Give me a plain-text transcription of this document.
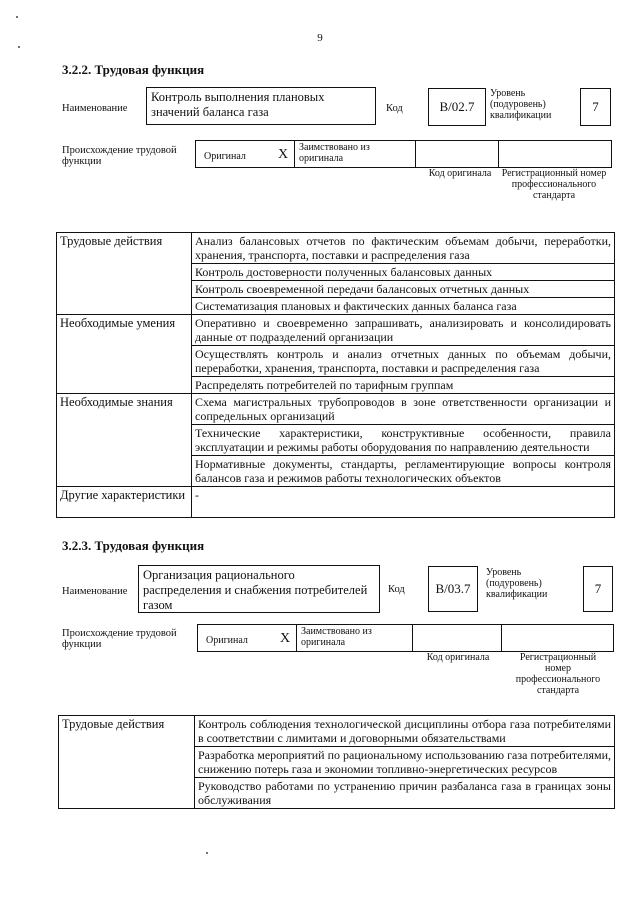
9
3.2.2. Трудовая функция
Наименование
Контроль выполнения плановых значений баланса газа	Код	B/02.7
Уровень (подуровень) квалификации
7
Происхождение трудовой функции	Оригинал X Заимствовано из оригинала
Код оригинала	Регистрационный номер профессионального стандарта
Трудовые действия	Анализ балансовых отчетов по фактическим объемам добычи, переработки, хранения, транспорта, поставки и распределения газа
	Контроль достоверности полученных балансовых данных
	Контроль своевременной передачи балансовых отчетных данных
	Систематизация плановых и фактических данных баланса газа
Необходимые умения	Оперативно и своевременно запрашивать, анализировать и консолидировать данные от подразделений организации
	Осуществлять контроль и анализ отчетных данных по объемам добычи, переработки, хранения, транспорта, поставки и распределения газа
	Распределять потребителей по тарифным группам
Необходимые знания	Схема магистральных трубопроводов в зоне ответственности организации и сопредельных организаций
	Технические характеристики, конструктивные особенности, правила эксплуатации и режимы работы оборудования по направлению деятельности
	Нормативные документы, стандарты, регламентирующие вопросы контроля балансов газа и режимов работы технологических объектов
Другие характеристики	-
3.2.3. Трудовая функция
Наименование
Организация рационального распределения и снабжения потребителей газом
Код	B/03.7
Уровень (подуровень) квалификации	7
Происхождение трудовой функции	Оригинал X Заимствовано из оригинала
Код оригинала	Регистрационный номер профессионального стандарта
Трудовые действия	Контроль соблюдения технологической дисциплины отбора газа потребителями в соответствии с лимитами и договорными обязательствами
Разработка мероприятий по рациональному использованию газа потребителями, снижению потерь газа и экономии топливно-энергетических ресурсов
Руководство работами по устранению причин разбаланса газа в границах зоны обслуживания
